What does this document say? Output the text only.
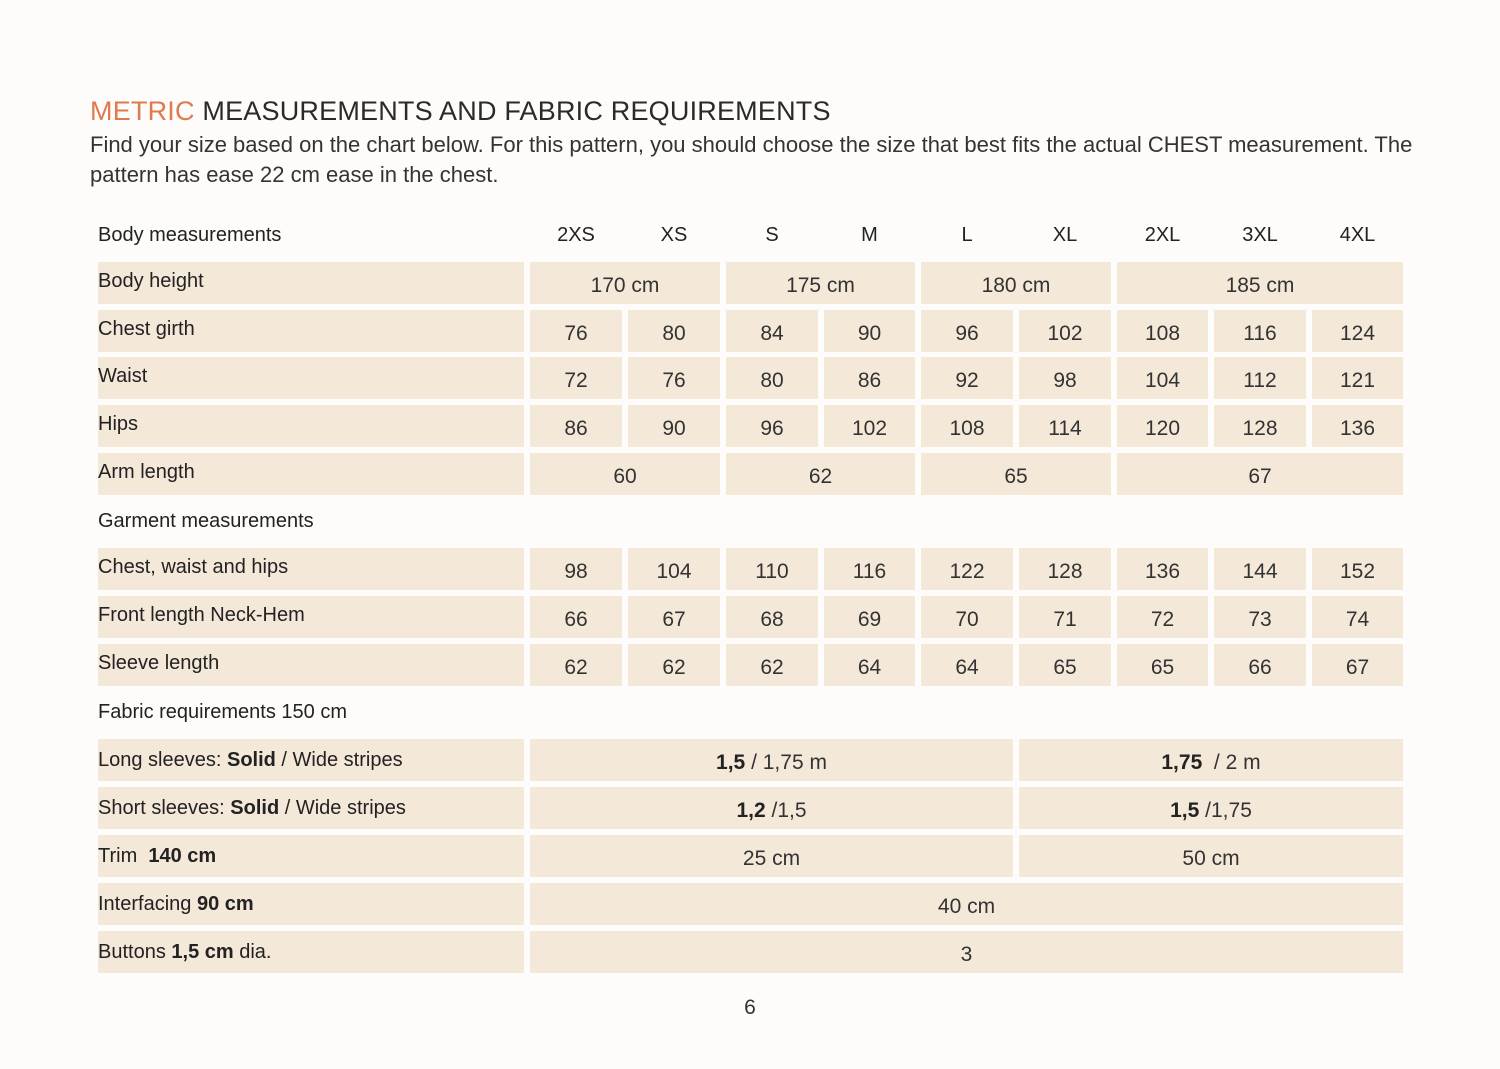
METRIC MEASUREMENTS AND FABRIC REQUIREMENTS
Find your size based on the chart below. For this pattern, you should choose the size that best fits the actual CHEST measurement. The pattern has ease 22 cm ease in the chest.
Body measurements	2XS	XS	S	M	L	XL	2XL	3XL	4XL
Body height	170 cm	175 cm	180 cm	185 cm
Chest girth	76	80	84	90	96	102	108	116	124
Waist	72	76	80	86	92	98	104	112	121
Hips	86	90	96	102	108	114	120	128	136
Arm length	60	62	65	67
Garment measurements
Chest, waist and hips	98	104	110	116	122	128	136	144	152
Front length Neck-Hem	66	67	68	69	70	71	72	73	74
Sleeve length	62	62	62	64	64	65	65	66	67
Fabric requirements 150 cm
Long sleeves: Solid / Wide stripes	1,5 / 1,75 m	1,75 / 2 m
Short sleeves: Solid / Wide stripes	1,2 /1,5	1,5 /1,75
Trim  140 cm	25 cm	50 cm
Interfacing 90 cm	40 cm
Buttons 1,5 cm dia.	3
6
